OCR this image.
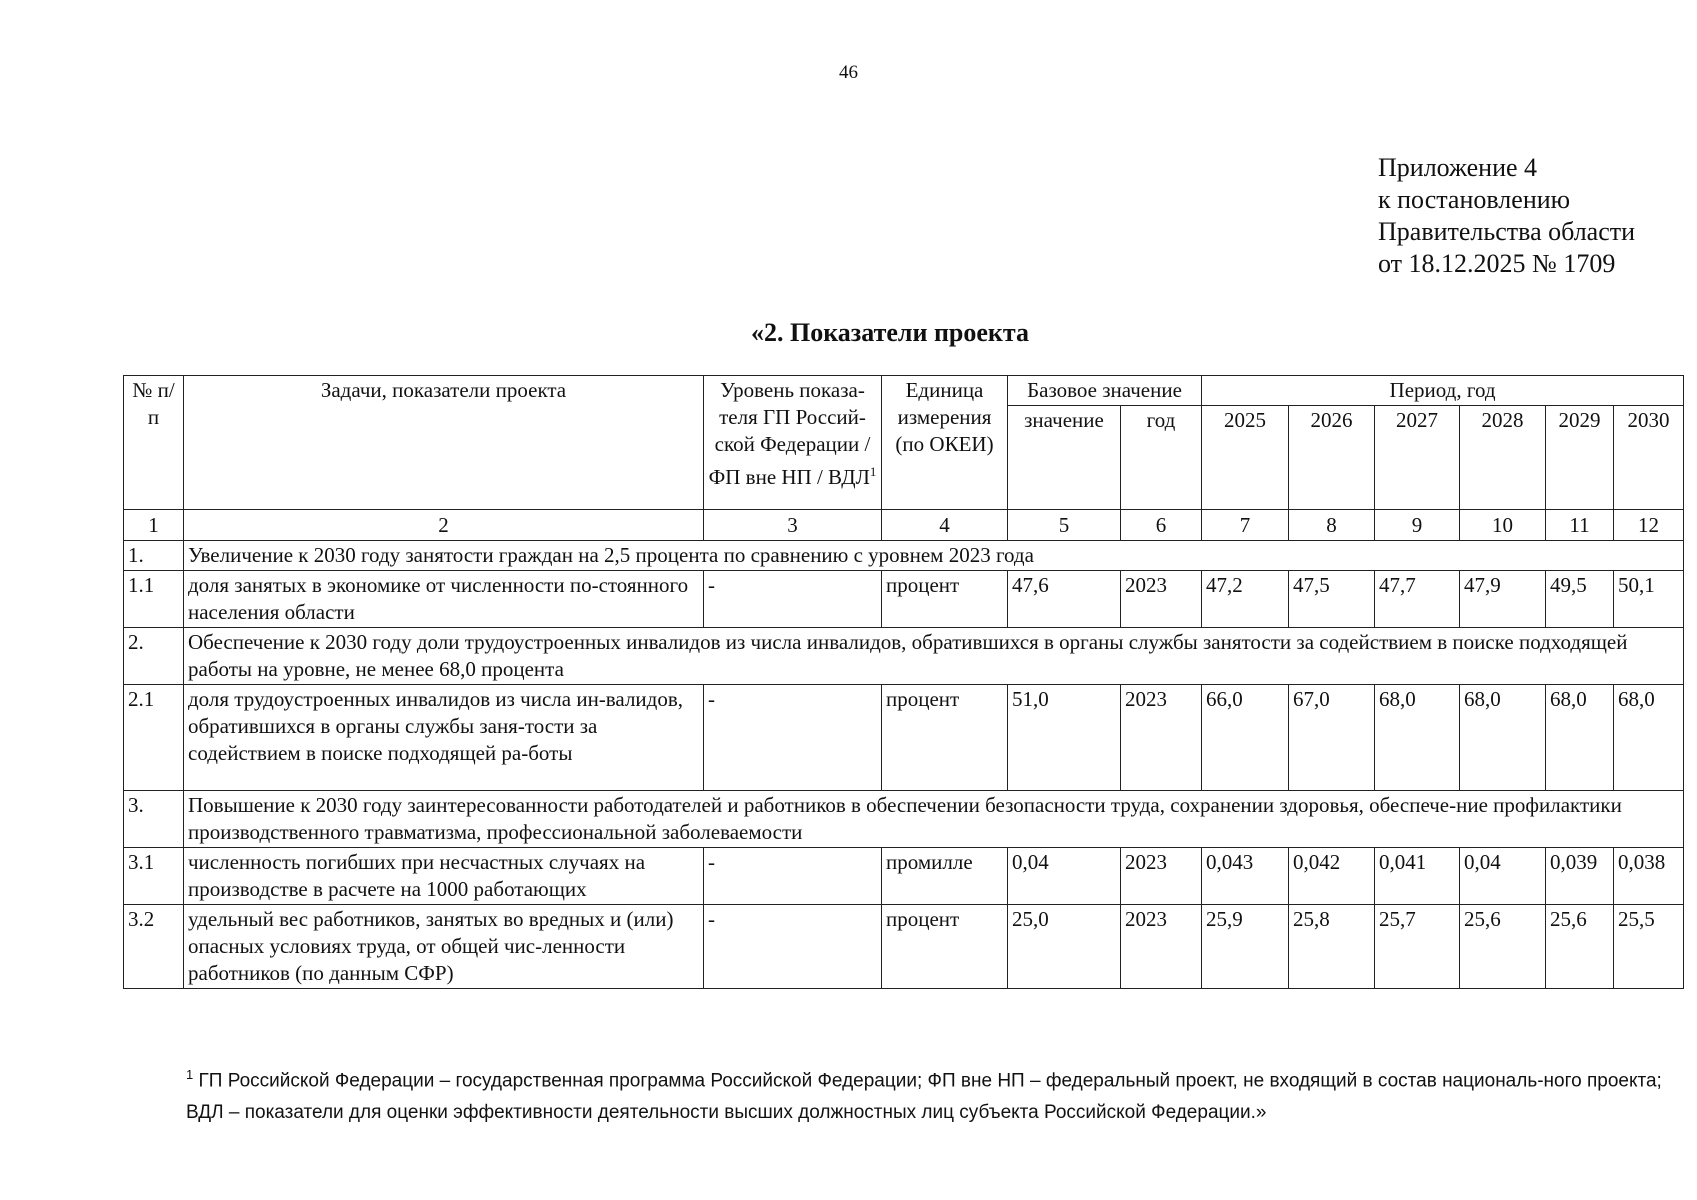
46
Приложение 4
к постановлению
Правительства области
от 18.12.2025 № 1709
«2. Показатели проекта
№ п/п	Задачи, показатели проекта	Уровень показа-теля ГП Россий-ской Федерации / ФП вне НП / ВДЛ$^1$	Единица измерения (по ОКЕИ)	Базовое значение		Период, год					
				значение	год	2025	2026	2027	2028	2029	2030
1	2	3	4	5	6	7	8	9	10	11	12
1.	Увеличение к 2030 году занятости граждан на 2,5 процента по сравнению с уровнем 2023 года										
1.1	доля занятых в экономике от численности по-стоянного населения области	-	процент	47,6	2023	47,2	47,5	47,7	47,9	49,5	50,1
2.	Обеспечение к 2030 году доли трудоустроенных инвалидов из числа инвалидов, обратившихся в органы службы занятости за содействием в поиске подходящей работы на уровне, не менее 68,0 процента										
2.1	доля трудоустроенных инвалидов из числа ин-валидов, обратившихся в органы службы заня-тости за содействием в поиске подходящей ра-боты	-	процент	51,0	2023	66,0	67,0	68,0	68,0	68,0	68,0
3.	Повышение к 2030 году заинтересованности работодателей и работников в обеспечении безопасности труда, сохранении здоровья, обеспече-ние профилактики производственного травматизма, профессиональной заболеваемости										
3.1	численность погибших при несчастных случаях на производстве в расчете на 1000 работающих	-	промилле	0,04	2023	0,043	0,042	0,041	0,04	0,039	0,038
3.2	удельный вес работников, занятых во вредных и (или) опасных условиях труда, от общей чис-ленности работников (по данным СФР)	-	процент	25,0	2023	25,9	25,8	25,7	25,6	25,6	25,5
$^1$ ГП Российской Федерации – государственная программа Российской Федерации; ФП вне НП – федеральный проект, не входящий в состав националь-ного проекта; ВДЛ – показатели для оценки эффективности деятельности высших должностных лиц субъекта Российской Федерации.»
